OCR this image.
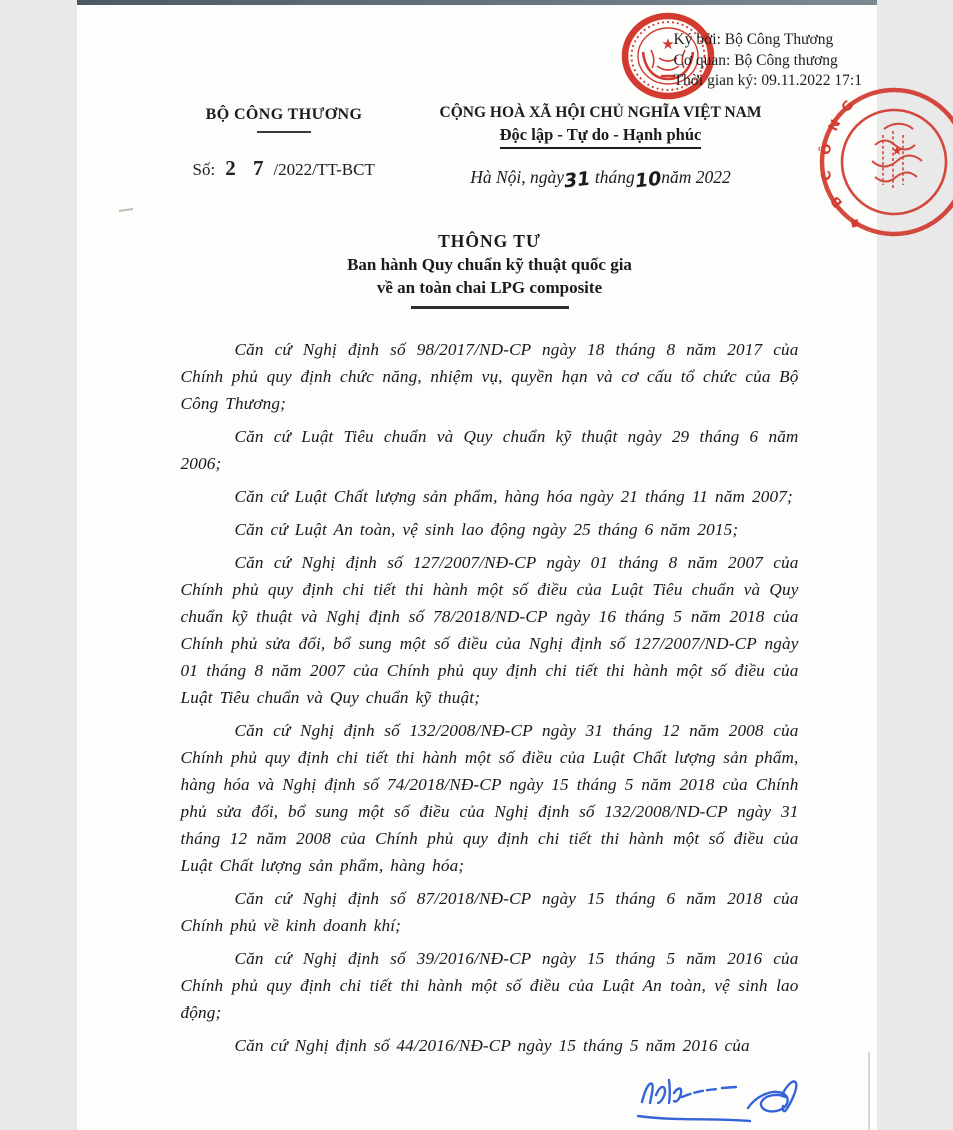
★ Ký bởi: Bộ Công Thương
Cơ quan: Bộ Công thương
Thời gian ký: 09.11.2022 17:1
★
G
N
Ô
C
B
◆
BỘ CÔNG THƯƠNG
Số: 2 7 /2022/TT-BCT
CỘNG HOÀ XÃ HỘI CHỦ NGHĨA VIỆT NAM
Độc lập - Tự do - Hạnh phúc
Hà Nội, ngày31 tháng10năm 2022
THÔNG TƯ
Ban hành Quy chuẩn kỹ thuật quốc gia
về an toàn chai LPG composite

Căn cứ Nghị định số 98/2017/ND-CP ngày 18 tháng 8 năm 2017 của Chính phủ quy định chức năng, nhiệm vụ, quyền hạn và cơ cấu tổ chức của Bộ Công Thương;

Căn cứ Luật Tiêu chuẩn và Quy chuẩn kỹ thuật ngày 29 tháng 6 năm 2006;

Căn cứ Luật Chất lượng sản phẩm, hàng hóa ngày 21 tháng 11 năm 2007;

Căn cứ Luật An toàn, vệ sinh lao động ngày 25 tháng 6 năm 2015;

Căn cứ Nghị định số 127/2007/NĐ-CP ngày 01 tháng 8 năm 2007 của Chính phủ quy định chi tiết thi hành một số điều của Luật Tiêu chuẩn và Quy chuẩn kỹ thuật và Nghị định số 78/2018/ND-CP ngày 16 tháng 5 năm 2018 của Chính phủ sửa đổi, bổ sung một số điều của Nghị định số 127/2007/ND-CP ngày 01 tháng 8 năm 2007 của Chính phủ quy định chi tiết thi hành một số điều của Luật Tiêu chuẩn và Quy chuẩn kỹ thuật;

Căn cứ Nghị định số 132/2008/NĐ-CP ngày 31 tháng 12 năm 2008 của Chính phủ quy định chi tiết thi hành một số điều của Luật Chất lượng sản phẩm, hàng hóa và Nghị định số 74/2018/NĐ-CP ngày 15 tháng 5 năm 2018 của Chính phủ sửa đổi, bổ sung một số điều của Nghị định số 132/2008/ND-CP ngày 31 tháng 12 năm 2008 của Chính phủ quy định chi tiết thi hành một số điều của Luật Chất lượng sản phẩm, hàng hóa;

Căn cứ Nghị định số 87/2018/NĐ-CP ngày 15 tháng 6 năm 2018 của Chính phủ về kinh doanh khí;

Căn cứ Nghị định số 39/2016/NĐ-CP ngày 15 tháng 5 năm 2016 của Chính phủ quy định chi tiết thi hành một số điều của Luật An toàn, vệ sinh lao động;

Căn cứ Nghị định số 44/2016/NĐ-CP ngày 15 tháng 5 năm 2016 của
